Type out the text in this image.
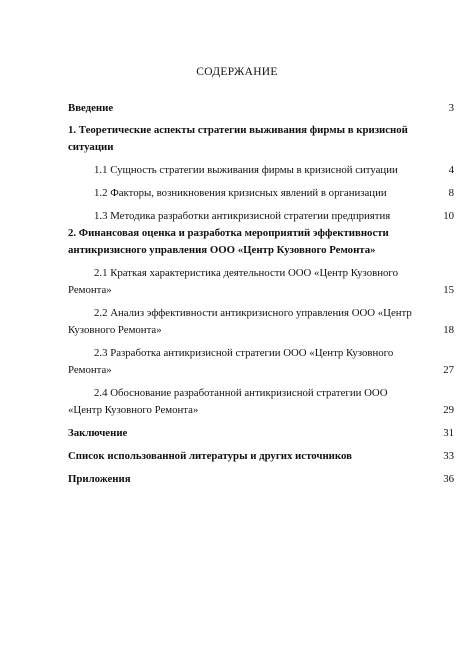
СОДЕРЖАНИЕ
Введение	3
1. Теоретические аспекты стратегии выживания фирмы в кризисной ситуации
1.1 Сущность стратегии выживания фирмы в кризисной ситуации	4
1.2 Факторы, возникновения кризисных явлений в организации	8
1.3 Методика разработки антикризисной стратегии предприятия	10
2. Финансовая оценка и разработка мероприятий эффективности антикризисного управления ООО «Центр Кузовного Ремонта»
2.1 Краткая характеристика деятельности ООО «Центр Кузовного Ремонта»	15
2.2 Анализ эффективности антикризисного управления ООО «Центр Кузовного Ремонта»	18
2.3 Разработка антикризисной стратегии ООО «Центр Кузовного Ремонта»	27
2.4 Обоснование разработанной антикризисной стратегии ООО «Центр Кузовного Ремонта»	29
Заключение	31
Список использованной литературы и других источников	33
Приложения	36
